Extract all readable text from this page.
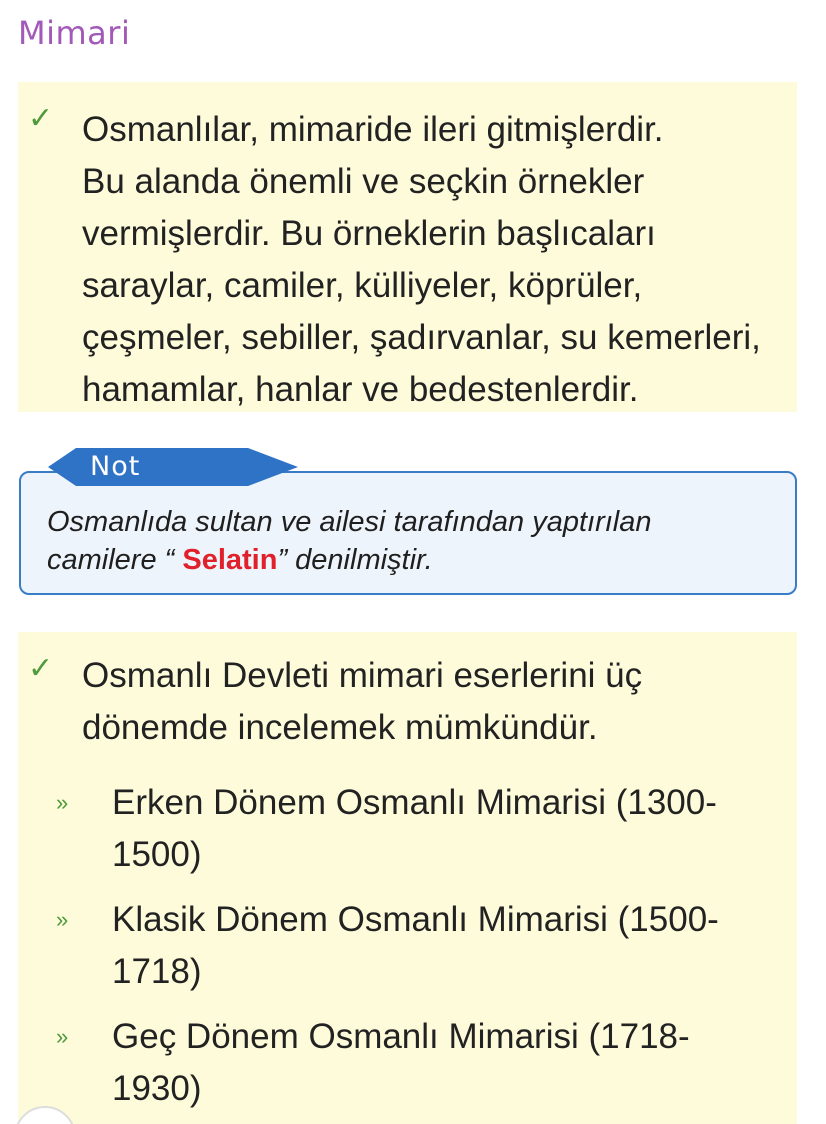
Mimari
✓ Osmanlılar, mimaride ileri gitmişlerdir.
Bu alanda önemli ve seçkin örnekler
vermişlerdir. Bu örneklerin başlıcaları
saraylar, camiler, külliyeler, köprüler,
çeşmeler, sebiller, şadırvanlar, su kemerleri,
hamamlar, hanlar ve bedestenlerdir.
Osmanlıda sultan ve ailesi tarafından yaptırılan
camilere “ Selatin” denilmiştir.
Not
✓ Osmanlı Devleti mimari eserlerini üç
dönemde incelemek mümkündür.
» Erken Dönem Osmanlı Mimarisi (1300-
1500)
» Klasik Dönem Osmanlı Mimarisi (1500-
1718)
» Geç Dönem Osmanlı Mimarisi (1718-
1930)
